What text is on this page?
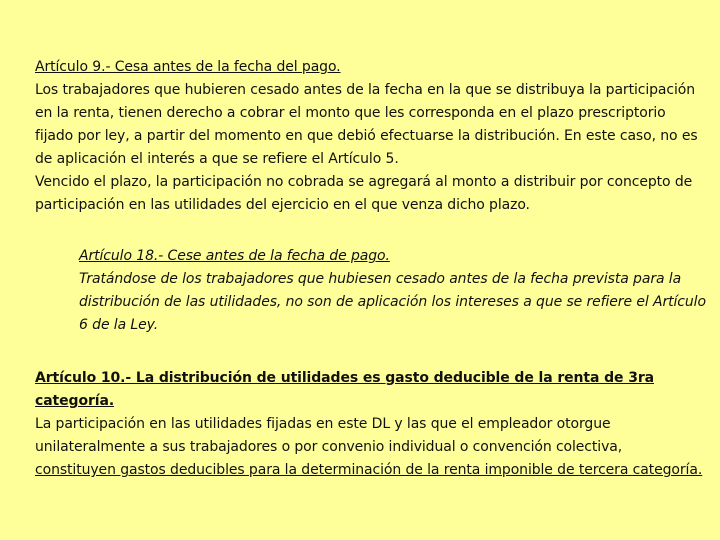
Artículo 9.- Cesa antes de la fecha del pago.

Los trabajadores que hubieren cesado antes de la fecha en la que se distribuya la participación en la renta, tienen derecho a cobrar el monto que les corresponda en el plazo prescriptorio fijado por ley, a partir del momento en que debió efectuarse la distribución. En este caso, no es de aplicación el interés a que se refiere el Artículo 5.

Vencido el plazo, la participación no cobrada se agregará al monto a distribuir por concepto de participación en las utilidades del ejercicio en el que venza dicho plazo.

Artículo 18.- Cese antes de la fecha de pago.

Tratándose de los trabajadores que hubiesen cesado antes de la fecha prevista para la distribución de las utilidades, no son de aplicación los intereses a que se refiere el Artículo 6 de la Ley.

Artículo 10.- La distribución de utilidades es gasto deducible de la renta de 3ra categoría.

La participación en las utilidades fijadas en este DL y las que el empleador otorgue unilateralmente a sus trabajadores o por convenio individual o convención colectiva, constituyen gastos deducibles para la determinación de la renta imponible de tercera categoría.
